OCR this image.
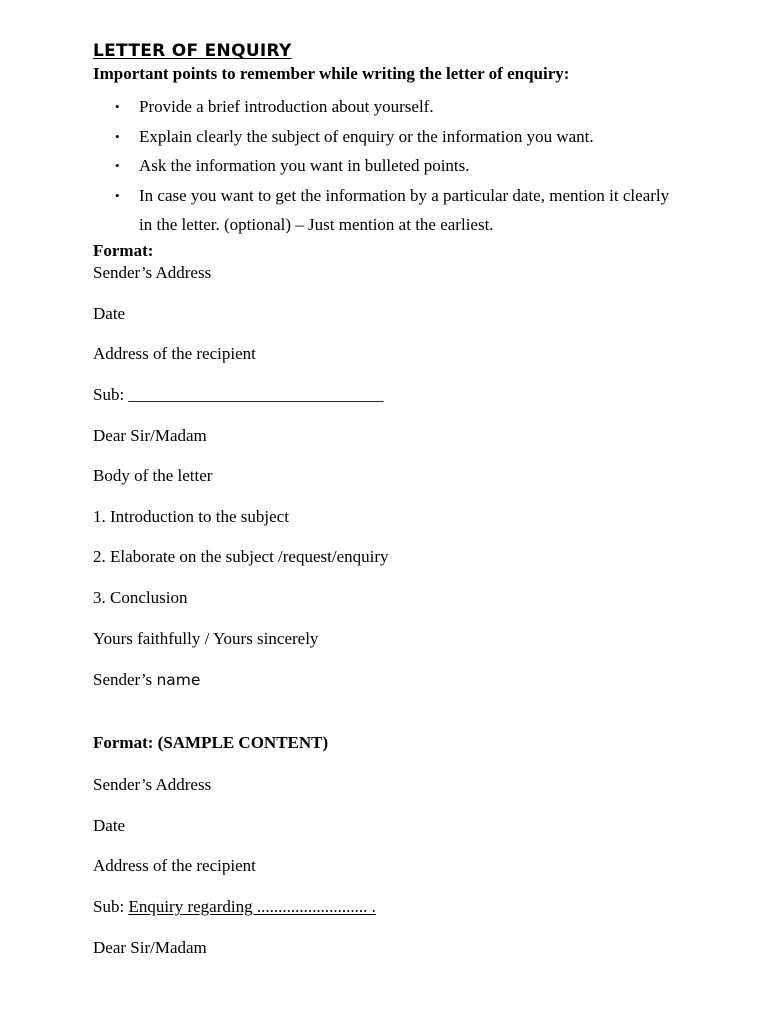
LETTER OF ENQUIRY

Important points to remember while writing the letter of enquiry:

• Provide a brief introduction about yourself.
• Explain clearly the subject of enquiry or the information you want.
• Ask the information you want in bulleted points.
• In case you want to get the information by a particular date, mention it clearly in the letter. (optional) – Just mention at the earliest.

Format:

Sender’s Address

Date

Address of the recipient

Sub: ______________________________

Dear Sir/Madam

Body of the letter

1. Introduction to the subject

2. Elaborate on the subject /request/enquiry

3. Conclusion

Yours faithfully / Yours sincerely

Sender’s name

Format: (SAMPLE CONTENT)

Sender’s Address

Date

Address of the recipient

Sub: Enquiry regarding .......................... .

Dear Sir/Madam
